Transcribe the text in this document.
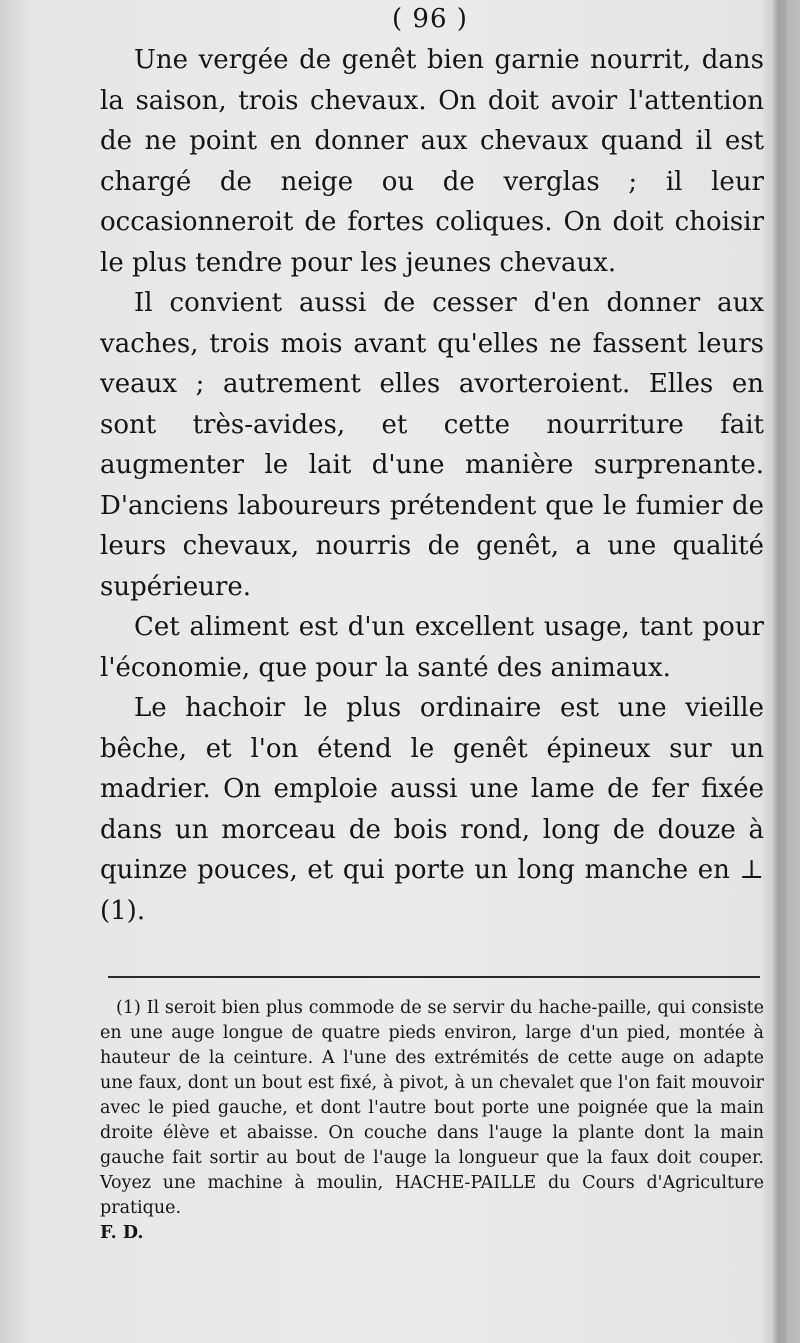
( 96 )

Une vergée de genêt bien garnie nourrit, dans la saison, trois chevaux. On doit avoir l'attention de ne point en donner aux chevaux quand il est chargé de neige ou de verglas ; il leur occasionneroit de fortes coliques. On doit choisir le plus tendre pour les jeunes chevaux.

Il convient aussi de cesser d'en donner aux vaches, trois mois avant qu'elles ne fassent leurs veaux ; autrement elles avorteroient. Elles en sont très-avides, et cette nourriture fait augmenter le lait d'une manière surprenante. D'anciens laboureurs prétendent que le fumier de leurs chevaux, nourris de genêt, a une qualité supérieure.

Cet aliment est d'un excellent usage, tant pour l'économie, que pour la santé des animaux.

Le hachoir le plus ordinaire est une vieille bêche, et l'on étend le genêt épineux sur un madrier. On emploie aussi une lame de fer fixée dans un morceau de bois rond, long de douze à quinze pouces, et qui porte un long manche en ⊥ (1).

(1) Il seroit bien plus commode de se servir du hache-paille, qui consiste en une auge longue de quatre pieds environ, large d'un pied, montée à hauteur de la ceinture. A l'une des extrémités de cette auge on adapte une faux, dont un bout est fixé, à pivot, à un chevalet que l'on fait mouvoir avec le pied gauche, et dont l'autre bout porte une poignée que la main droite élève et abaisse. On couche dans l'auge la plante dont la main gauche fait sortir au bout de l'auge la longueur que la faux doit couper. Voyez une machine à moulin, HACHE-PAILLE du Cours d'Agriculture pratique.

F. D.
